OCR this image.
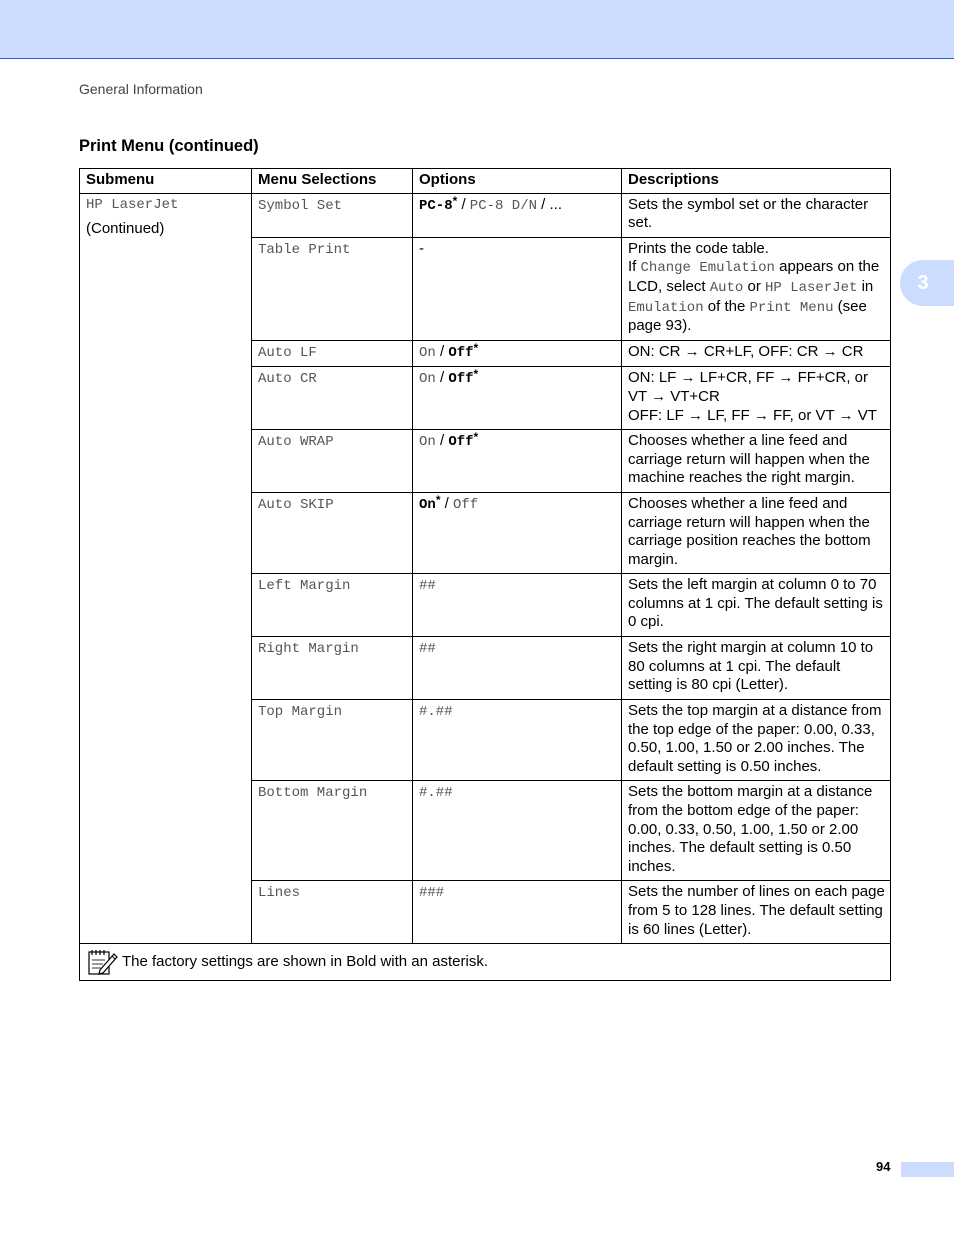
General Information
3
Print Menu (continued)
Submenu	Menu Selections	Options	Descriptions

HP LaserJet
(Continued)	Symbol Set	PC-8* / PC-8 D/N / ...	Sets the symbol set or the character set.
	Table Print	-	Prints the code table.
If Change Emulation appears on the LCD, select Auto or HP LaserJet in Emulation of the Print Menu (see page 93).

	Auto LF	On / Off*	ON: CR → CR+LF, OFF: CR → CR
	Auto CR	On / Off*	ON: LF → LF+CR, FF → FF+CR, or VT → VT+CR
OFF: LF → LF, FF → FF, or VT → VT

	Auto WRAP	On / Off*	Chooses whether a line feed and carriage return will happen when the machine reaches the right margin.
	Auto SKIP	On* / Off	Chooses whether a line feed and carriage return will happen when the carriage position reaches the bottom margin.
	Left Margin	##	Sets the left margin at column 0 to 70 columns at 1 cpi. The default setting is 0 cpi.
	Right Margin	##	Sets the right margin at column 10 to 80 columns at 1 cpi. The default setting is 80 cpi (Letter).
	Top Margin	#.##	Sets the top margin at a distance from the top edge of the paper: 0.00, 0.33, 0.50, 1.00, 1.50 or 2.00 inches. The default setting is 0.50 inches.
	Bottom Margin	#.##	Sets the bottom margin at a distance from the bottom edge of the paper: 0.00, 0.33, 0.50, 1.00, 1.50 or 2.00 inches. The default setting is 0.50 inches.
	Lines	###	Sets the number of lines on each page from 5 to 128 lines. The default setting is 60 lines (Letter).

The factory settings are shown in Bold with an asterisk.			
94
